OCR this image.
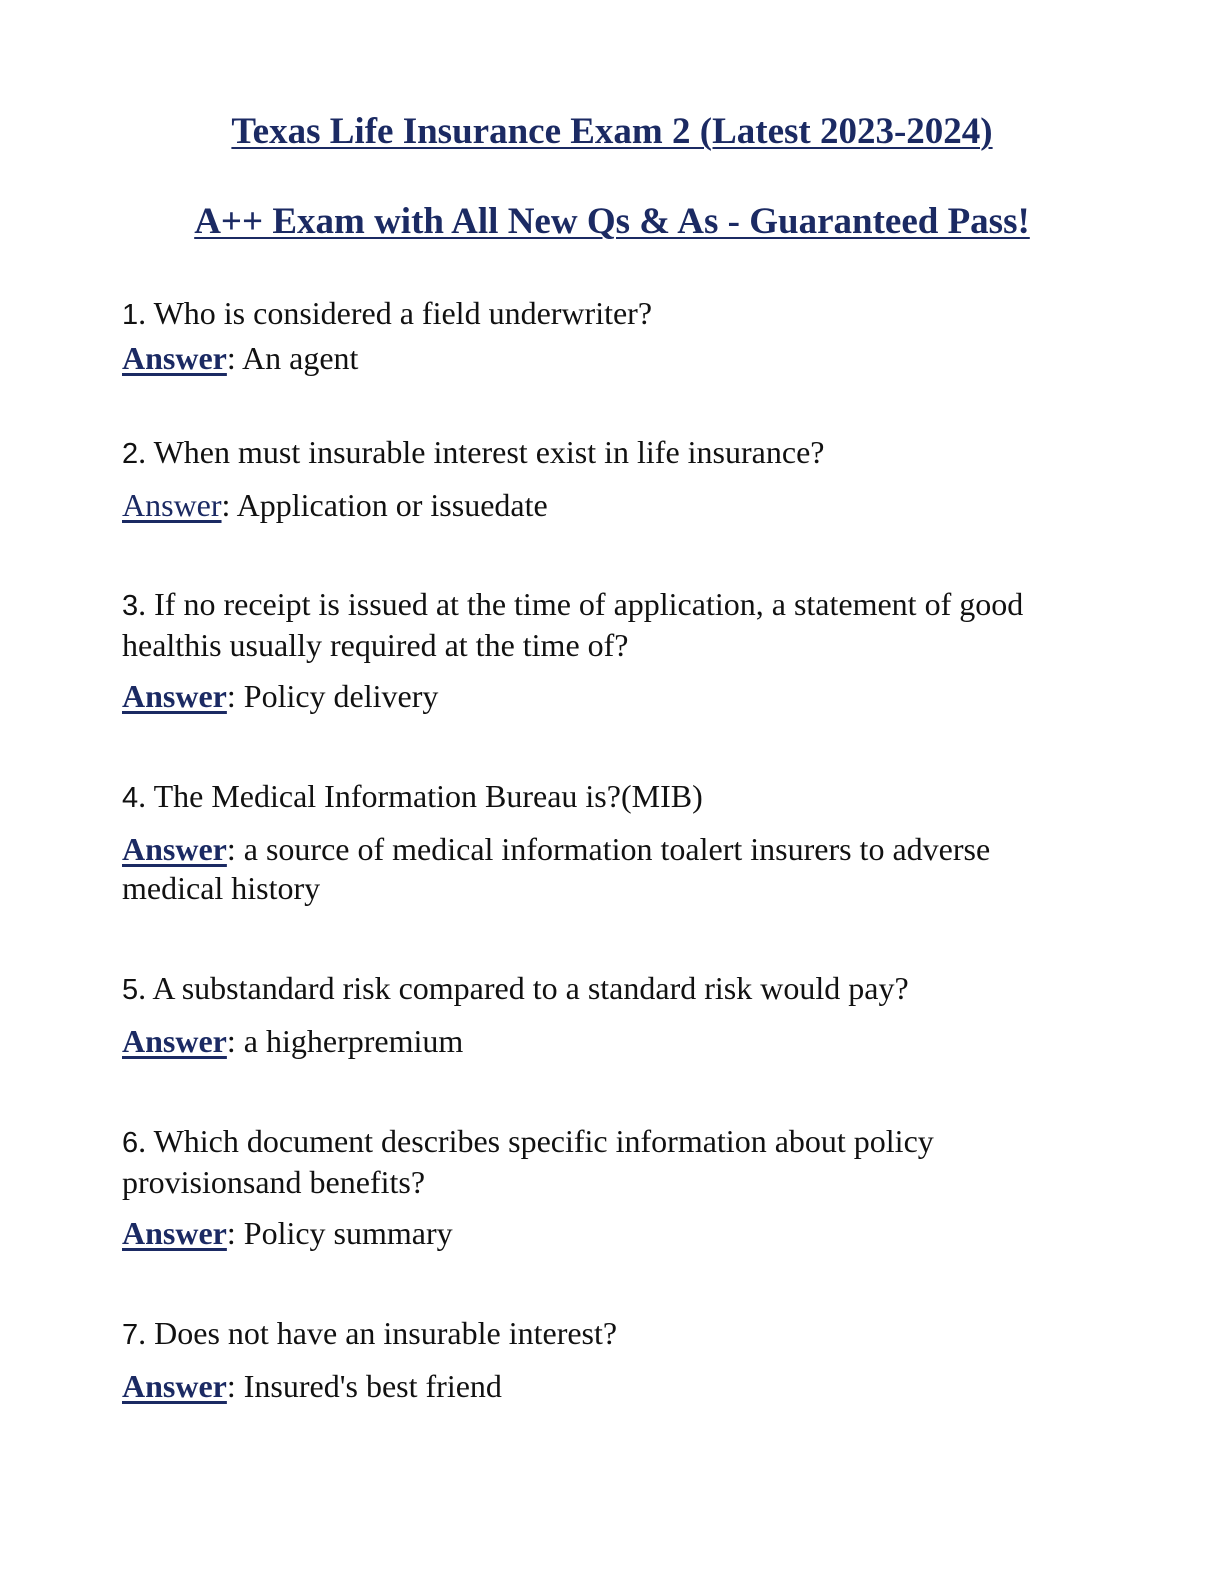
Texas Life Insurance Exam 2 (Latest 2023-2024)
A++ Exam with All New Qs & As - Guaranteed Pass!

1. Who is considered a field underwriter?

Answer: An agent

2. When must insurable interest exist in life insurance?

Answer: Application or issuedate

3. If no receipt is issued at the time of application, a statement of good healthis usually required at the time of?

Answer: Policy delivery

4. The Medical Information Bureau is?(MIB)

Answer: a source of medical information toalert insurers to adverse medical history

5. A substandard risk compared to a standard risk would pay?

Answer: a higherpremium

6. Which document describes specific information about policy provisionsand benefits?

Answer: Policy summary

7. Does not have an insurable interest?

Answer: Insured's best friend
